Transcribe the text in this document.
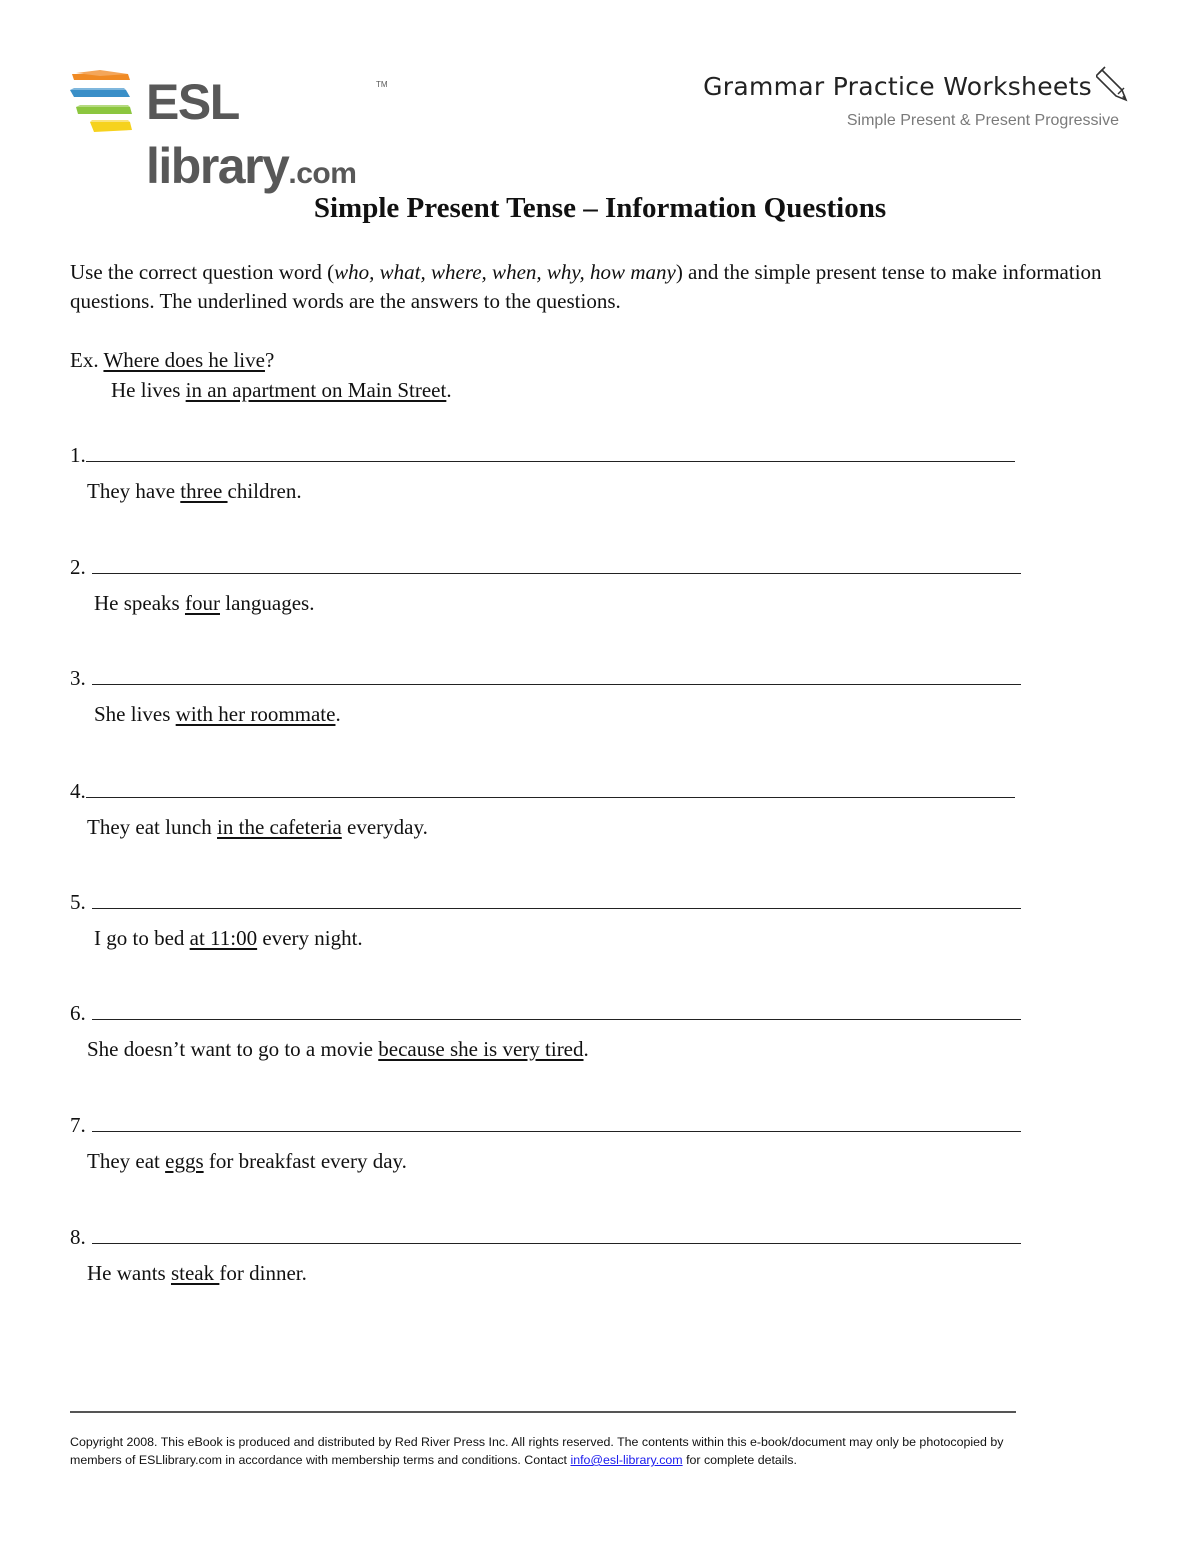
ESL library.com
TM	Grammar Practice Worksheets
Simple Present & Present Progressive
Simple Present Tense – Information Questions
Use the correct question word (who, what, where, when, why, how many) and the simple present tense to make information questions. The underlined words are the answers to the questions.
Ex. Where does he live?
He lives in an apartment on Main Street.
1.
They have three children.
2.
He speaks four languages.
3.
She lives with her roommate.
4.
They eat lunch in the cafeteria everyday.
5.
I go to bed at 11:00 every night.
6.
She doesn’t want to go to a movie because she is very tired.
7.
They eat eggs for breakfast every day.
8.
He wants steak for dinner.
Copyright 2008. This eBook is produced and distributed by Red River Press Inc. All rights reserved. The contents within this e-book/document may only be photocopied by members of ESLlibrary.com in accordance with membership terms and conditions. Contact info@esl-library.com for complete details.
